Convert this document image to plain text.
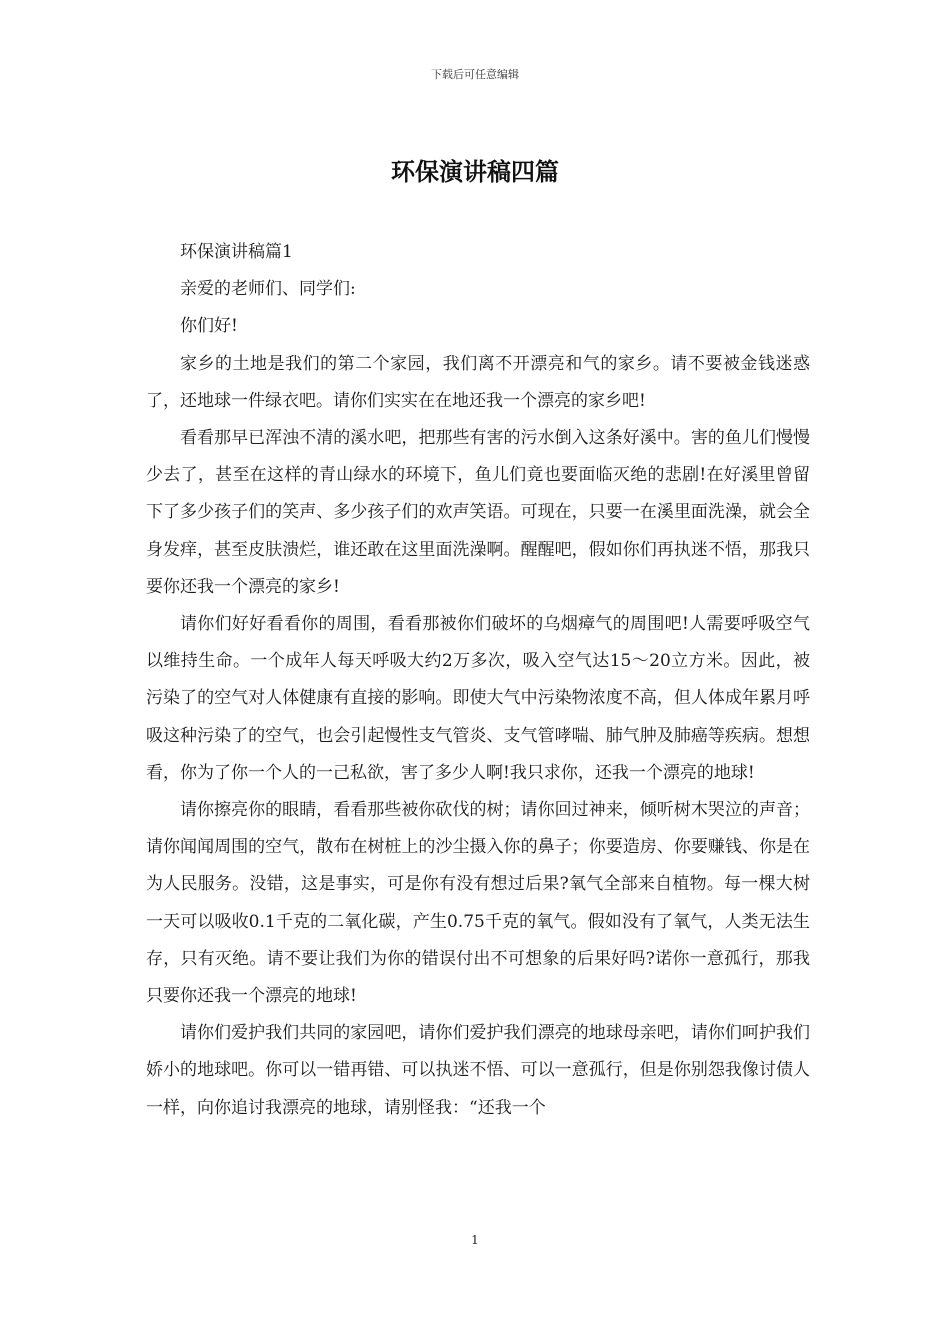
下载后可任意编辑
环保演讲稿四篇

环保演讲稿篇1

亲爱的老师们、同学们:

你们好!

家乡的土地是我们的第二个家园，我们离不开漂亮和气的家乡。请不要被金钱迷惑了，还地球一件绿衣吧。请你们实实在在地还我一个漂亮的家乡吧!

看看那早已浑浊不清的溪水吧，把那些有害的污水倒入这条好溪中。害的鱼儿们慢慢少去了，甚至在这样的青山绿水的环境下，鱼儿们竟也要面临灭绝的悲剧!在好溪里曾留下了多少孩子们的笑声、多少孩子们的欢声笑语。可现在，只要一在溪里面洗澡，就会全身发痒，甚至皮肤溃烂，谁还敢在这里面洗澡啊。醒醒吧，假如你们再执迷不悟，那我只要你还我一个漂亮的家乡!

请你们好好看看你的周围，看看那被你们破坏的乌烟瘴气的周围吧!人需要呼吸空气以维持生命。一个成年人每天呼吸大约2万多次，吸入空气达15～20立方米。因此，被污染了的空气对人体健康有直接的影响。即使大气中污染物浓度不高，但人体成年累月呼吸这种污染了的空气，也会引起慢性支气管炎、支气管哮喘、肺气肿及肺癌等疾病。想想看，你为了你一个人的一己私欲，害了多少人啊!我只求你，还我一个漂亮的地球!

请你擦亮你的眼睛，看看那些被你砍伐的树；请你回过神来，倾听树木哭泣的声音；请你闻闻周围的空气，散布在树桩上的沙尘摄入你的鼻子；你要造房、你要赚钱、你是在为人民服务。没错，这是事实，可是你有没有想过后果?氧气全部来自植物。每一棵大树一天可以吸收0.1千克的二氧化碳，产生0.75千克的氧气。假如没有了氧气，人类无法生存，只有灭绝。请不要让我们为你的错误付出不可想象的后果好吗?诺你一意孤行，那我只要你还我一个漂亮的地球!

请你们爱护我们共同的家园吧，请你们爱护我们漂亮的地球母亲吧，请你们呵护我们娇小的地球吧。你可以一错再错、可以执迷不悟、可以一意孤行，但是你别怨我像讨债人一样，向你追讨我漂亮的地球，请别怪我：“还我一个

1
